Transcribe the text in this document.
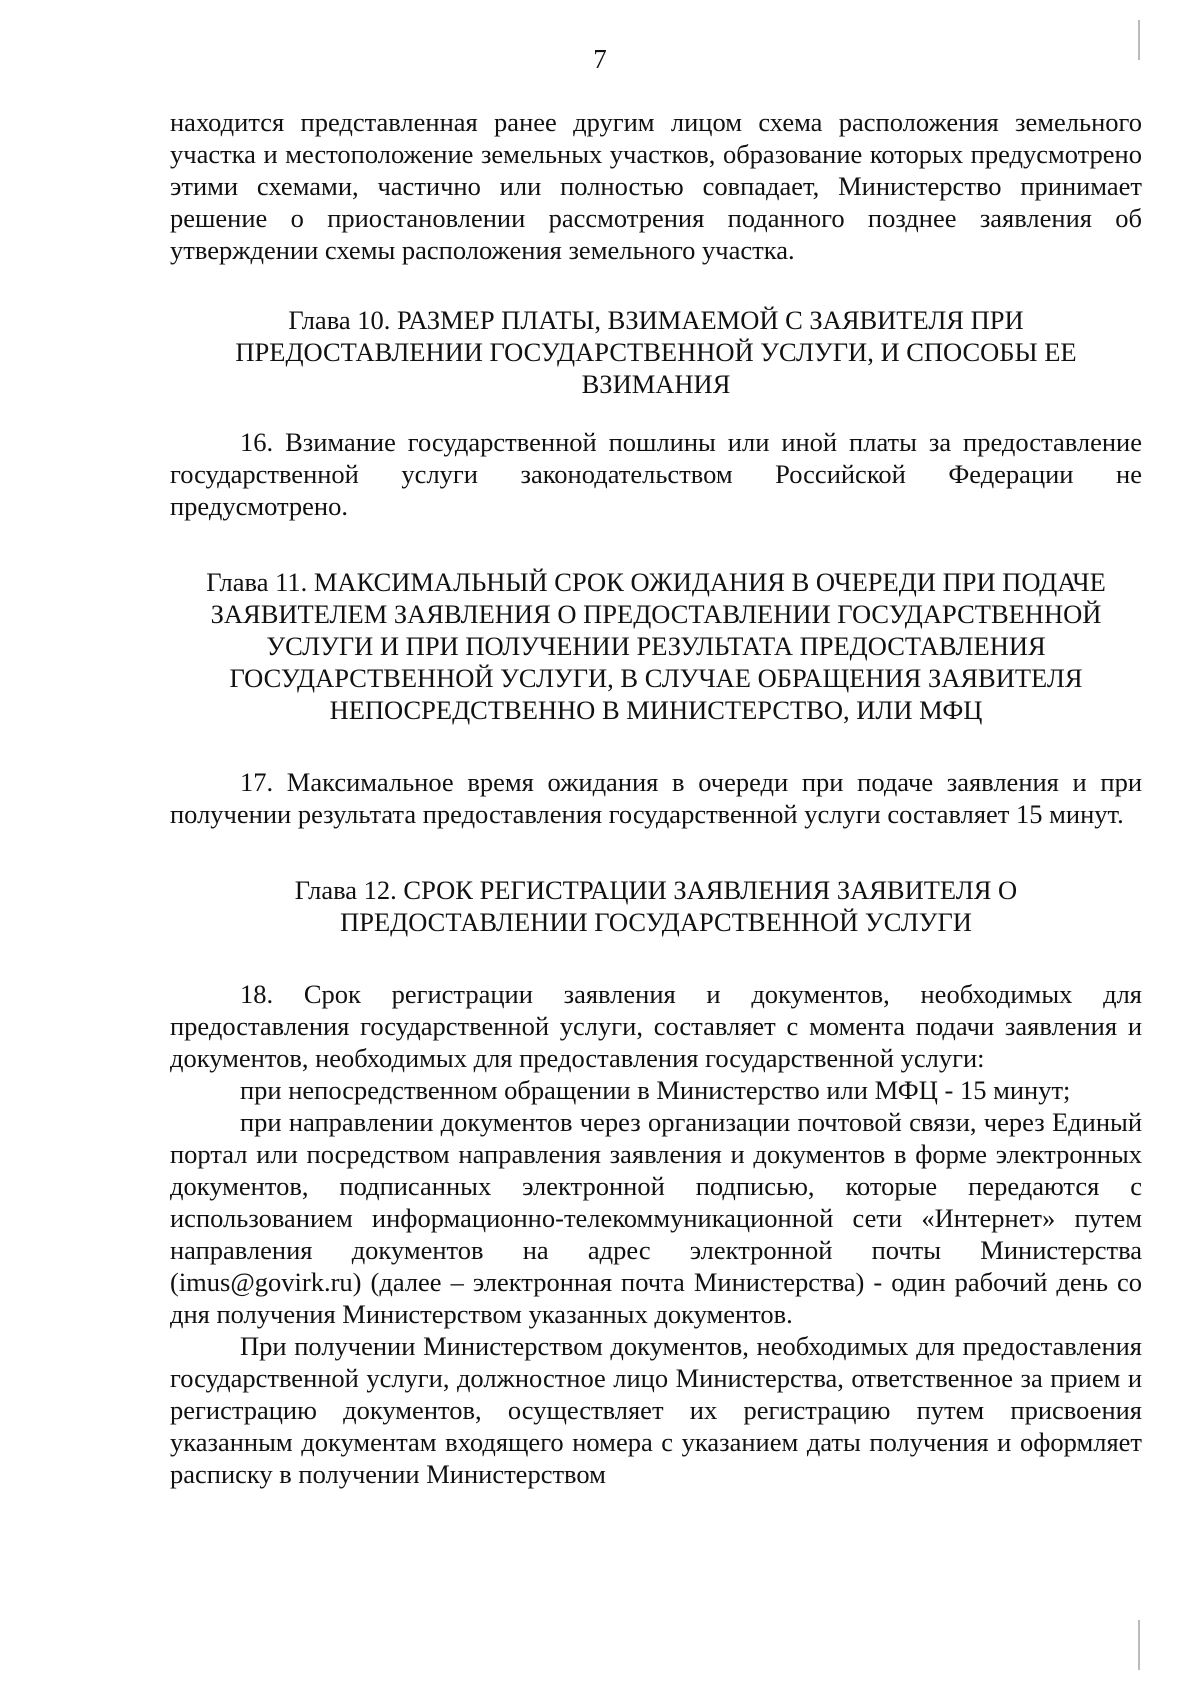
7

находится представленная ранее другим лицом схема расположения земельного участка и местоположение земельных участков, образование которых предусмотрено этими схемами, частично или полностью совпадает, Министерство принимает решение о приостановлении рассмотрения поданного позднее заявления об утверждении схемы расположения земельного участка.

Глава 10. РАЗМЕР ПЛАТЫ, ВЗИМАЕМОЙ С ЗАЯВИТЕЛЯ ПРИ ПРЕДОСТАВЛЕНИИ ГОСУДАРСТВЕННОЙ УСЛУГИ, И СПОСОБЫ ЕЕ ВЗИМАНИЯ

16. Взимание государственной пошлины или иной платы за предоставление государственной услуги законодательством Российской Федерации не предусмотрено.

Глава 11. МАКСИМАЛЬНЫЙ СРОК ОЖИДАНИЯ В ОЧЕРЕДИ ПРИ ПОДАЧЕ ЗАЯВИТЕЛЕМ ЗАЯВЛЕНИЯ О ПРЕДОСТАВЛЕНИИ ГОСУДАРСТВЕННОЙ УСЛУГИ И ПРИ ПОЛУЧЕНИИ РЕЗУЛЬТАТА ПРЕДОСТАВЛЕНИЯ ГОСУДАРСТВЕННОЙ УСЛУГИ, В СЛУЧАЕ ОБРАЩЕНИЯ ЗАЯВИТЕЛЯ НЕПОСРЕДСТВЕННО В МИНИСТЕРСТВО, ИЛИ МФЦ

17. Максимальное время ожидания в очереди при подаче заявления и при получении результата предоставления государственной услуги составляет 15 минут.

Глава 12. СРОК РЕГИСТРАЦИИ ЗАЯВЛЕНИЯ ЗАЯВИТЕЛЯ О ПРЕДОСТАВЛЕНИИ ГОСУДАРСТВЕННОЙ УСЛУГИ

18. Срок регистрации заявления и документов, необходимых для предоставления государственной услуги, составляет с момента подачи заявления и документов, необходимых для предоставления государственной услуги:

при непосредственном обращении в Министерство или МФЦ - 15 минут;

при направлении документов через организации почтовой связи, через Единый портал или посредством направления заявления и документов в форме электронных документов, подписанных электронной подписью, которые передаются с использованием информационно-телекоммуникационной сети «Интернет» путем направления документов на адрес электронной почты Министерства (imus@govirk.ru) (далее – электронная почта Министерства) - один рабочий день со дня получения Министерством указанных документов.

При получении Министерством документов, необходимых для предоставления государственной услуги, должностное лицо Министерства, ответственное за прием и регистрацию документов, осуществляет их регистрацию путем присвоения указанным документам входящего номера с указанием даты получения и оформляет расписку в получении Министерством
